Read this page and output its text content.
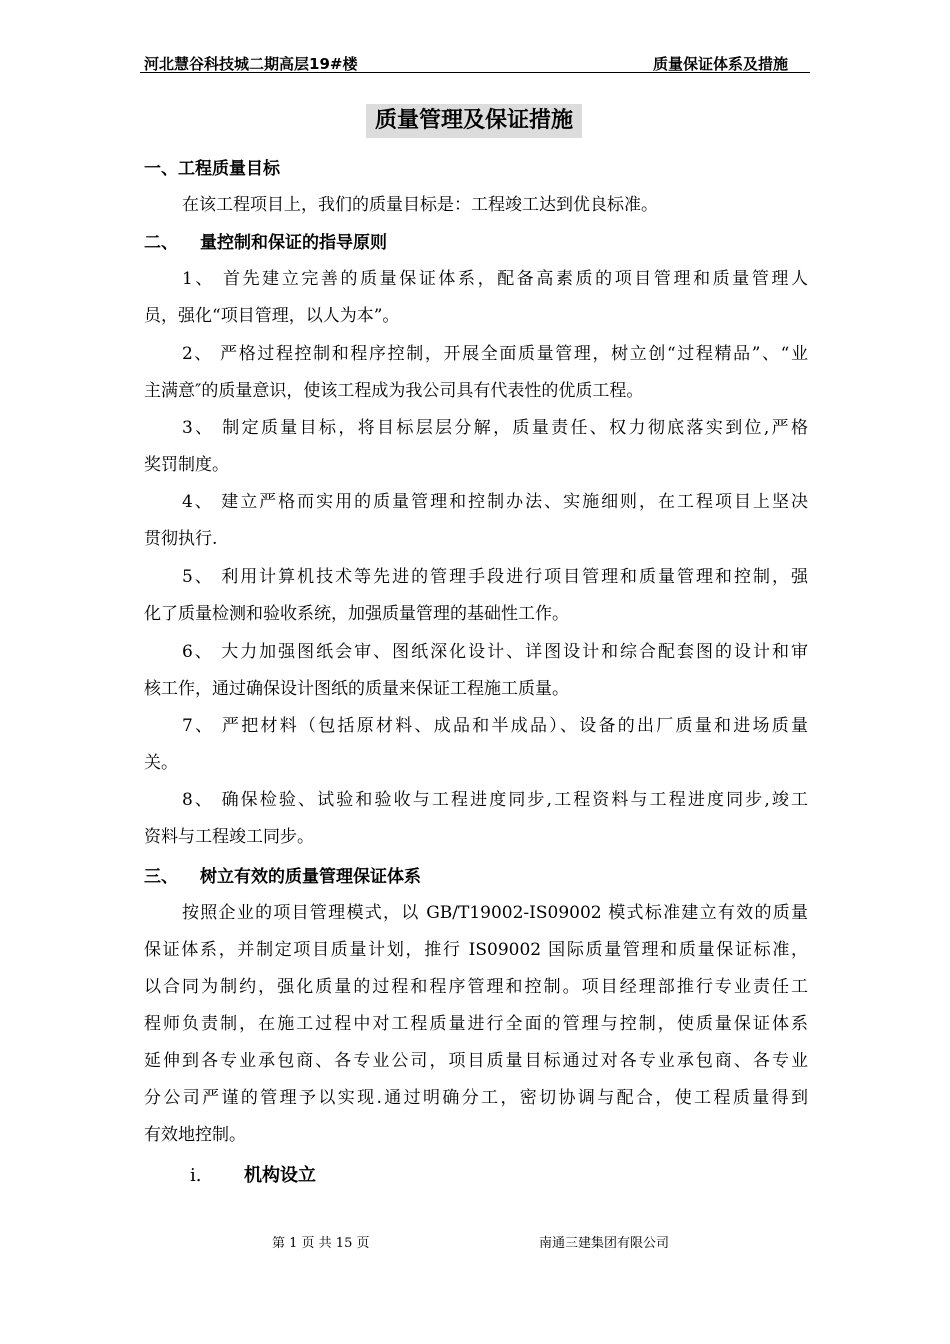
河北慧谷科技城二期高层19#楼	质量保证体系及措施
质量管理及保证措施
一、工程质量目标
在该工程项目上，我们的质量目标是：工程竣工达到优良标准。
二、 量控制和保证的指导原则
1、 首先建立完善的质量保证体系，配备高素质的项目管理和质量管理人
员，强化“项目管理，以人为本”。
2、 严格过程控制和程序控制，开展全面质量管理，树立创“过程精品”、“业
主满意″的质量意识，使该工程成为我公司具有代表性的优质工程。
3、 制定质量目标，将目标层层分解，质量责任、权力彻底落实到位,严格
奖罚制度。
4、 建立严格而实用的质量管理和控制办法、实施细则，在工程项目上坚决
贯彻执行.
5、 利用计算机技术等先进的管理手段进行项目管理和质量管理和控制，强
化了质量检测和验收系统，加强质量管理的基础性工作。
6、 大力加强图纸会审、图纸深化设计、详图设计和综合配套图的设计和审
核工作，通过确保设计图纸的质量来保证工程施工质量。
7、 严把材料（包括原材料、成品和半成品）、设备的出厂质量和进场质量
关。
8、 确保检验、试验和验收与工程进度同步,工程资料与工程进度同步,竣工
资料与工程竣工同步。
三、 树立有效的质量管理保证体系
按照企业的项目管理模式，以 GB/T19002-IS09002 模式标准建立有效的质量
保证体系，并制定项目质量计划，推行 IS09002 国际质量管理和质量保证标准，
以合同为制约，强化质量的过程和程序管理和控制。项目经理部推行专业责任工
程师负责制，在施工过程中对工程质量进行全面的管理与控制，使质量保证体系
延伸到各专业承包商、各专业公司，项目质量目标通过对各专业承包商、各专业
分公司严谨的管理予以实现.通过明确分工，密切协调与配合，使工程质量得到
有效地控制。
i. 机构设立
第 1 页 共 15 页	南通三建集团有限公司
